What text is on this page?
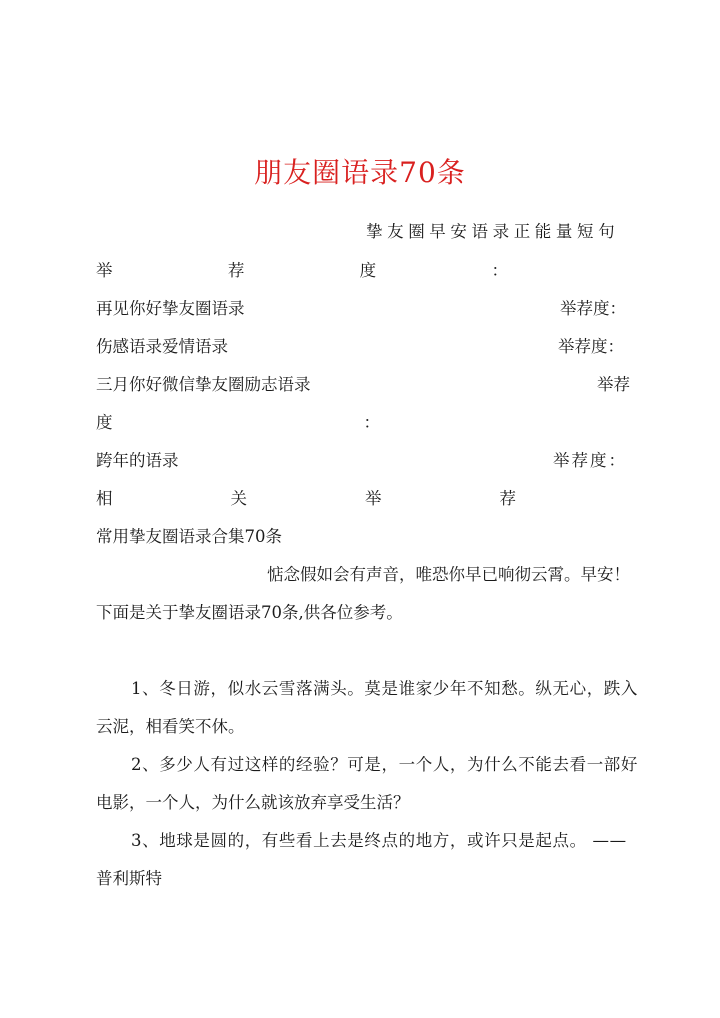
朋友圈语录70条
挚友圈早安语录正能量短句
举	荐	度	：
再见你好挚友圈语录	举荐度：
伤感语录爱情语录	举荐度：
三月你好微信挚友圈励志语录	举荐
度	：
跨年的语录	举荐度：
相	关	举	荐
常用挚友圈语录合集70条
惦念假如会有声音，唯恐你早已响彻云霄。早安！
下面是关于挚友圈语录70条,供各位参考。
1、冬日游，似水云雪落满头。莫是谁家少年不知愁。纵无心，跌入
云泥，相看笑不休。
2、多少人有过这样的经验？可是，一个人，为什么不能去看一部好
电影，一个人，为什么就该放弃享受生活？
3、地球是圆的，有些看上去是终点的地方，或许只是起点。 ——
普利斯特
